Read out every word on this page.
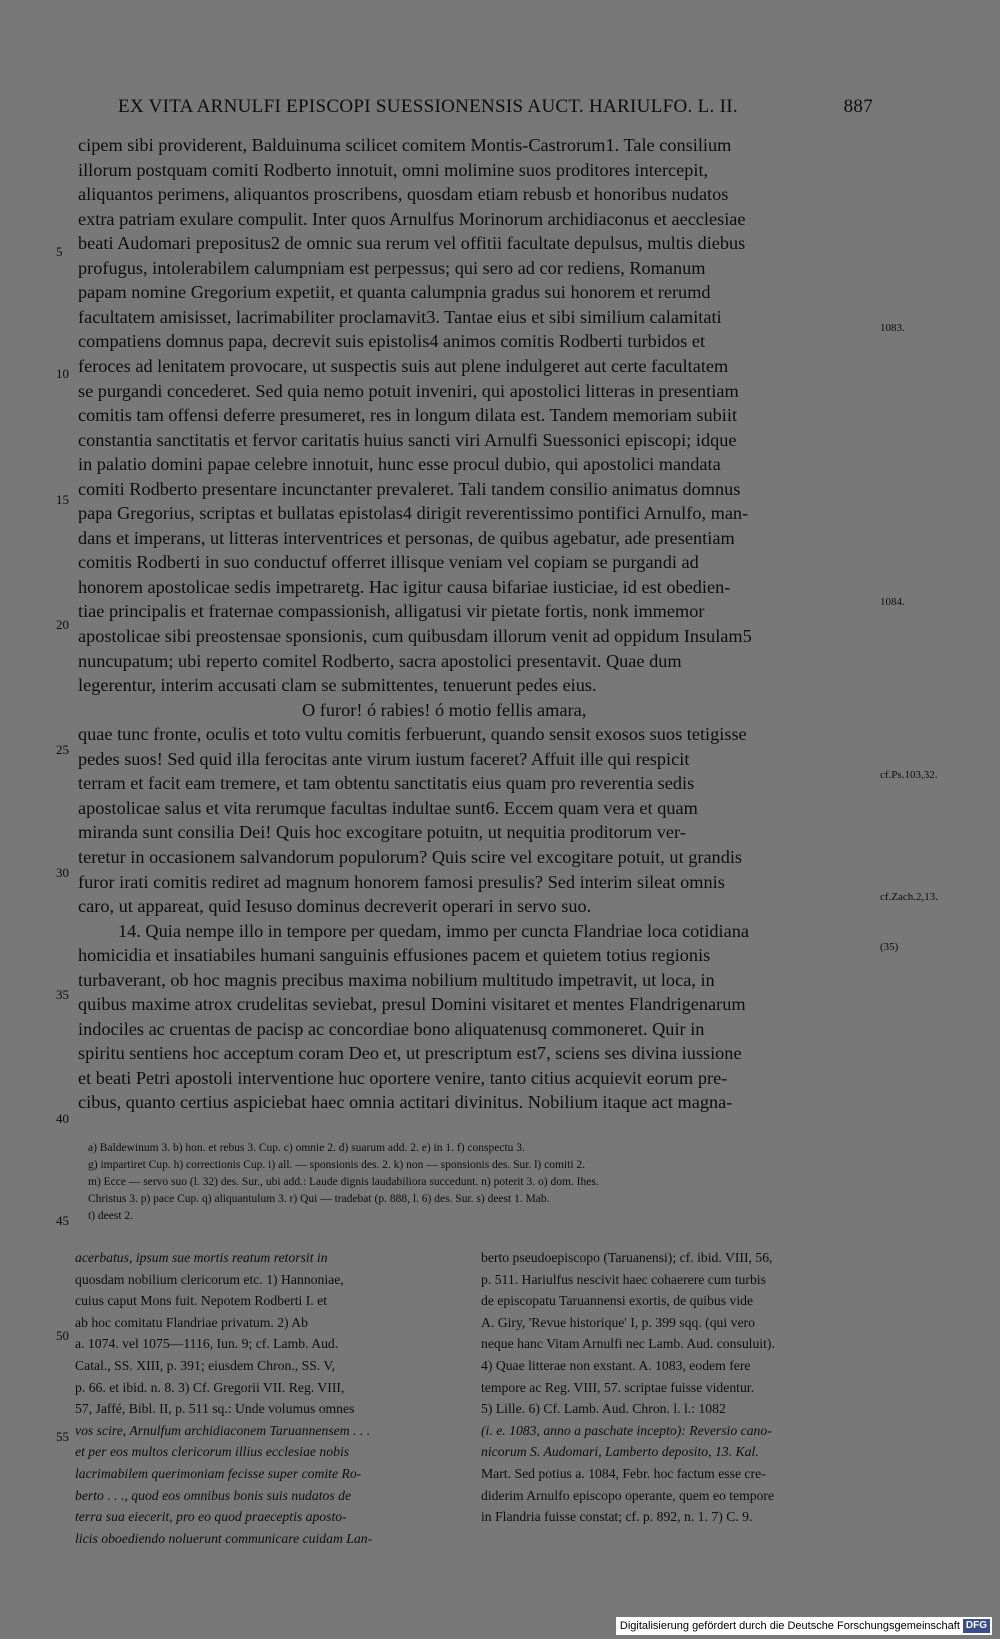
EX VITA ARNULFI EPISCOPI SUESSIONENSIS AUCT. HARIULFO. L. II.	887
cipem sibi providerent, Balduinuma scilicet comitem Montis-Castrorum1. Tale consilium
illorum postquam comiti Rodberto innotuit, omni molimine suos proditores intercepit,
aliquantos perimens, aliquantos proscribens, quosdam etiam rebusb et honoribus nudatos
extra patriam exulare compulit. Inter quos Arnulfus Morinorum archidiaconus et aecclesiae
beati Audomari prepositus2 de omnic sua rerum vel offitii facultate depulsus, multis diebus
profugus, intolerabilem calumpniam est perpessus; qui sero ad cor rediens, Romanum
papam nomine Gregorium expetiit, et quanta calumpnia gradus sui honorem et rerumd
facultatem amisisset, lacrimabiliter proclamavit3. Tantae eius et sibi similium calamitati
compatiens domnus papa, decrevit suis epistolis4 animos comitis Rodberti turbidos et
feroces ad lenitatem provocare, ut suspectis suis aut plene indulgeret aut certe facultatem
se purgandi concederet. Sed quia nemo potuit inveniri, qui apostolici litteras in presentiam
comitis tam offensi deferre presumeret, res in longum dilata est. Tandem memoriam subiit
constantia sanctitatis et fervor caritatis huius sancti viri Arnulfi Suessonici episcopi; idque
in palatio domini papae celebre innotuit, hunc esse procul dubio, qui apostolici mandata
comiti Rodberto presentare incunctanter prevaleret. Tali tandem consilio animatus domnus
papa Gregorius, scriptas et bullatas epistolas4 dirigit reverentissimo pontifici Arnulfo, man-
dans et imperans, ut litteras interventrices et personas, de quibus agebatur, ade presentiam
comitis Rodberti in suo conductuf offerret illisque veniam vel copiam se purgandi ad
honorem apostolicae sedis impetraretg. Hac igitur causa bifariae iusticiae, id est obedien-
tiae principalis et fraternae compassionish, alligatusi vir pietate fortis, nonk immemor
apostolicae sibi preostensae sponsionis, cum quibusdam illorum venit ad oppidum Insulam5
nuncupatum; ubi reperto comitel Rodberto, sacra apostolici presentavit. Quae dum
legerentur, interim accusati clam se submittentes, tenuerunt pedes eius.
O furor! ó rabies! ó motio fellis amara,
quae tunc fronte, oculis et toto vultu comitis ferbuerunt, quando sensit exosos suos tetigisse
pedes suos! Sed quid illa ferocitas ante virum iustum faceret? Affuit ille qui respicit
terram et facit eam tremere, et tam obtentu sanctitatis eius quam pro reverentia sedis
apostolicae salus et vita rerumque facultas indultae sunt6. Eccem quam vera et quam
miranda sunt consilia Dei! Quis hoc excogitare potuitn, ut nequitia proditorum ver-
teretur in occasionem salvandorum populorum? Quis scire vel excogitare potuit, ut grandis
furor irati comitis rediret ad magnum honorem famosi presulis? Sed interim sileat omnis
caro, ut appareat, quid Iesuso dominus decreverit operari in servo suo.
14. Quia nempe illo in tempore per quedam, immo per cuncta Flandriae loca cotidiana
homicidia et insatiabiles humani sanguinis effusiones pacem et quietem totius regionis
turbaverant, ob hoc magnis precibus maxima nobilium multitudo impetravit, ut loca, in
quibus maxime atrox crudelitas seviebat, presul Domini visitaret et mentes Flandrigenarum
indociles ac cruentas de pacisp ac concordiae bono aliquatenusq commoneret. Quir in
spiritu sentiens hoc acceptum coram Deo et, ut prescriptum est7, sciens ses divina iussione
et beati Petri apostoli interventione huc oportere venire, tanto citius acquievit eorum pre-
cibus, quanto certius aspiciebat haec omnia actitari divinitus. Nobilium itaque act magna-
5
10
15
20
25
30
35
40
45
50
55
1083.
cf.Ps.103,32.
1084.
cf.Zach.2,13.
(35)
a) Baldewinum 3. b) hon. et rebus 3. Cup. c) omnie 2. d) suarum add. 2. e) in 1. f) conspectu 3.
g) impartiret Cup. h) correctionis Cup. i) all. — sponsionis des. 2. k) non — sponsionis des. Sur. l) comiti 2.
m) Ecce — servo suo (l. 32) des. Sur., ubi add.: Laude dignis laudabiliora succedunt. n) poterit 3. o) dom. Ihes.
Christus 3. p) pace Cup. q) aliquantulum 3. r) Qui — tradebat (p. 888, l. 6) des. Sur. s) deest 1. Mab.
t) deest 2.
acerbatus, ipsum sue mortis reatum retorsit in
quosdam nobilium clericorum etc. 1) Hannoniae,
cuius caput Mons fuit. Nepotem Rodberti I. et
ab hoc comitatu Flandriae privatum. 2) Ab
a. 1074. vel 1075—1116, Iun. 9; cf. Lamb. Aud.
Catal., SS. XIII, p. 391; eiusdem Chron., SS. V,
p. 66. et ibid. n. 8. 3) Cf. Gregorii VII. Reg. VIII,
57, Jaffé, Bibl. II, p. 511 sq.: Unde volumus omnes
vos scire, Arnulfum archidiaconem Taruannensem . . .
et per eos multos clericorum illius ecclesiae nobis
lacrimabilem querimoniam fecisse super comite Ro-
berto . . ., quod eos omnibus bonis suis nudatos de
terra sua eiecerit, pro eo quod praeceptis aposto-
licis oboediendo noluerunt communicare cuidam Lan-
berto pseudoepiscopo (Taruanensi); cf. ibid. VIII, 56,
p. 511. Hariulfus nescivit haec cohaerere cum turbis
de episcopatu Taruannensi exortis, de quibus vide
A. Giry, 'Revue historique' I, p. 399 sqq. (qui vero
neque hanc Vitam Arnulfi nec Lamb. Aud. consuluit).
4) Quae litterae non exstant. A. 1083, eodem fere
tempore ac Reg. VIII, 57. scriptae fuisse videntur.
5) Lille. 6) Cf. Lamb. Aud. Chron. l. l.: 1082
(i. e. 1083, anno a paschate incepto): Reversio cano-
nicorum S. Audomari, Lamberto deposito, 13. Kal.
Mart. Sed potius a. 1084, Febr. hoc factum esse cre-
diderim Arnulfo episcopo operante, quem eo tempore
in Flandria fuisse constat; cf. p. 892, n. 1. 7) C. 9.
Digitalisierung gefördert durch die Deutsche Forschungsgemeinschaft DFG
